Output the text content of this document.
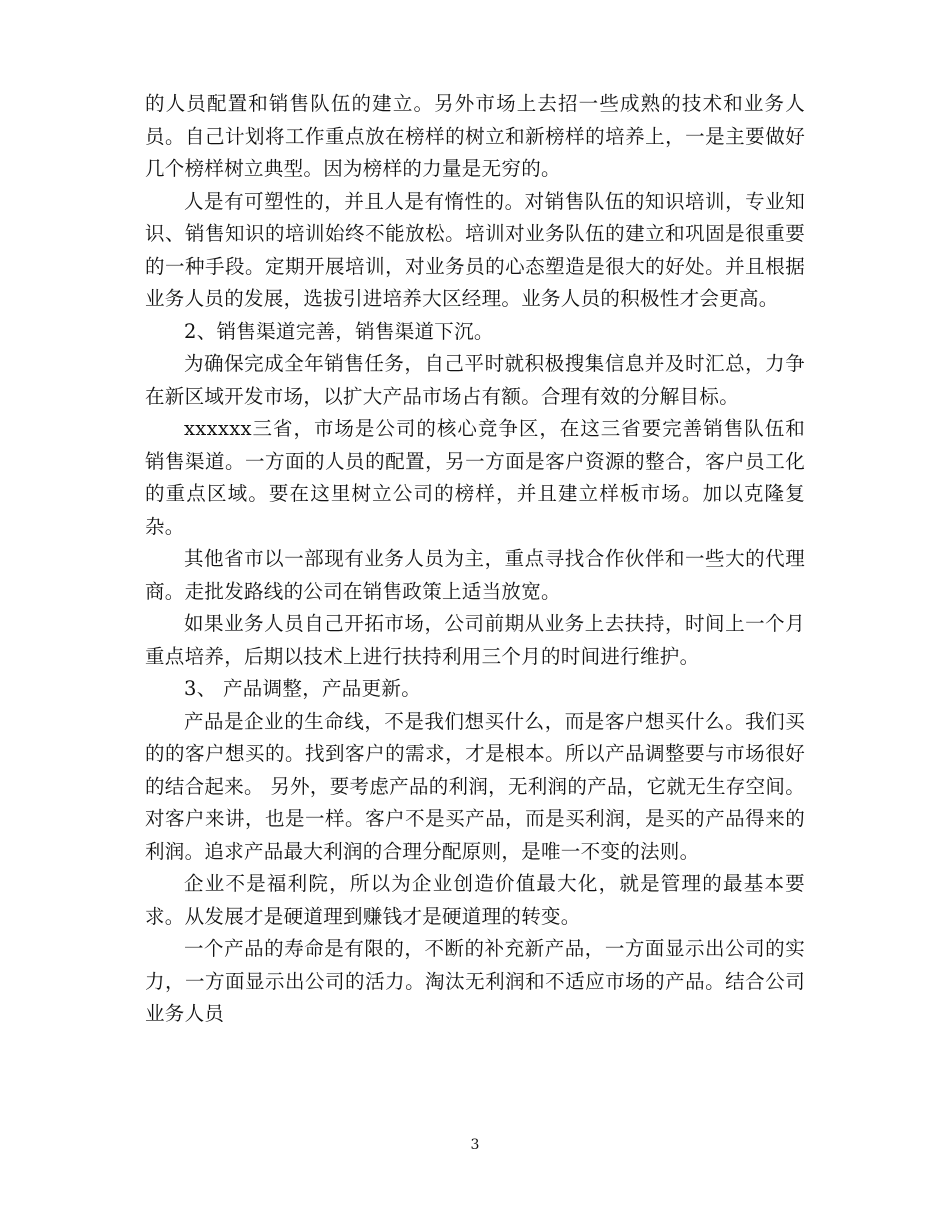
的人员配置和销售队伍的建立。另外市场上去招一些成熟的技术和业务人员。自己计划将工作重点放在榜样的树立和新榜样的培养上，一是主要做好几个榜样树立典型。因为榜样的力量是无穷的。

人是有可塑性的，并且人是有惰性的。对销售队伍的知识培训，专业知识、销售知识的培训始终不能放松。培训对业务队伍的建立和巩固是很重要的一种手段。定期开展培训，对业务员的心态塑造是很大的好处。并且根据业务人员的发展，选拔引进培养大区经理。业务人员的积极性才会更高。

2、销售渠道完善，销售渠道下沉。

为确保完成全年销售任务，自己平时就积极搜集信息并及时汇总，力争在新区域开发市场，以扩大产品市场占有额。合理有效的分解目标。

xxxxxx三省，市场是公司的核心竞争区，在这三省要完善销售队伍和销售渠道。一方面的人员的配置，另一方面是客户资源的整合，客户员工化的重点区域。要在这里树立公司的榜样，并且建立样板市场。加以克隆复杂。

其他省市以一部现有业务人员为主，重点寻找合作伙伴和一些大的代理商。走批发路线的公司在销售政策上适当放宽。

如果业务人员自己开拓市场，公司前期从业务上去扶持，时间上一个月重点培养，后期以技术上进行扶持利用三个月的时间进行维护。

3、 产品调整，产品更新。

产品是企业的生命线，不是我们想买什么，而是客户想买什么。我们买的的客户想买的。找到客户的需求，才是根本。所以产品调整要与市场很好的结合起来。 另外，要考虑产品的利润，无利润的产品，它就无生存空间。对客户来讲，也是一样。客户不是买产品，而是买利润，是买的产品得来的利润。追求产品最大利润的合理分配原则，是唯一不变的法则。

企业不是福利院，所以为企业创造价值最大化，就是管理的最基本要求。从发展才是硬道理到赚钱才是硬道理的转变。

一个产品的寿命是有限的，不断的补充新产品，一方面显示出公司的实力，一方面显示出公司的活力。淘汰无利润和不适应市场的产品。结合公司业务人员

3
